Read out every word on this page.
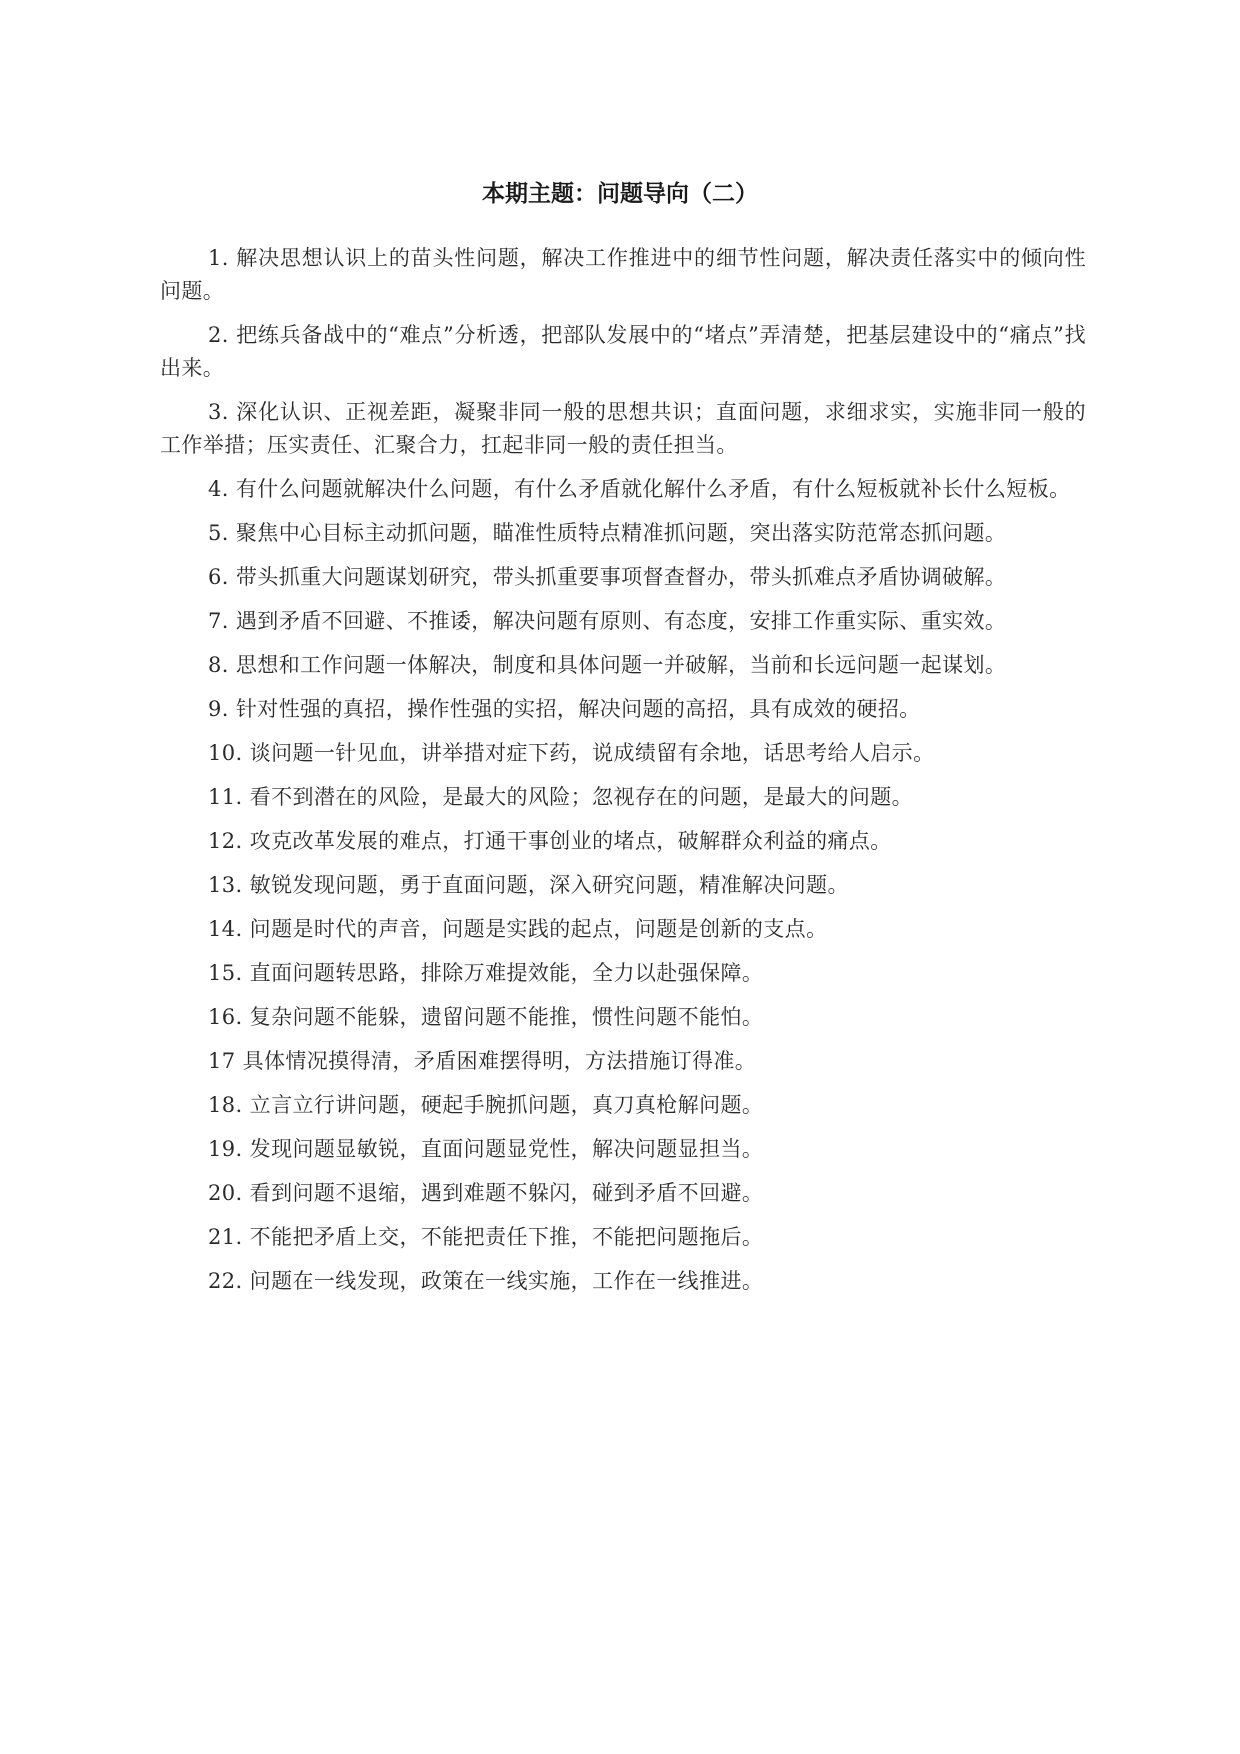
本期主题：问题导向（二）

1. 解决思想认识上的苗头性问题，解决工作推进中的细节性问题，解决责任落实中的倾向性问题。

2. 把练兵备战中的“难点”分析透，把部队发展中的“堵点”弄清楚，把基层建设中的“痛点”找出来。

3. 深化认识、正视差距，凝聚非同一般的思想共识；直面问题，求细求实，实施非同一般的工作举措；压实责任、汇聚合力，扛起非同一般的责任担当。

4. 有什么问题就解决什么问题，有什么矛盾就化解什么矛盾，有什么短板就补长什么短板。

5. 聚焦中心目标主动抓问题，瞄准性质特点精准抓问题，突出落实防范常态抓问题。

6. 带头抓重大问题谋划研究，带头抓重要事项督查督办，带头抓难点矛盾协调破解。

7. 遇到矛盾不回避、不推诿，解决问题有原则、有态度，安排工作重实际、重实效。

8. 思想和工作问题一体解决，制度和具体问题一并破解，当前和长远问题一起谋划。

9. 针对性强的真招，操作性强的实招，解决问题的高招，具有成效的硬招。

10. 谈问题一针见血，讲举措对症下药，说成绩留有余地，话思考给人启示。

11. 看不到潜在的风险，是最大的风险；忽视存在的问题，是最大的问题。

12. 攻克改革发展的难点，打通干事创业的堵点，破解群众利益的痛点。

13. 敏锐发现问题，勇于直面问题，深入研究问题，精准解决问题。

14. 问题是时代的声音，问题是实践的起点，问题是创新的支点。

15. 直面问题转思路，排除万难提效能，全力以赴强保障。

16. 复杂问题不能躲，遗留问题不能推，惯性问题不能怕。

17 具体情况摸得清，矛盾困难摆得明，方法措施订得准。

18. 立言立行讲问题，硬起手腕抓问题，真刀真枪解问题。

19. 发现问题显敏锐，直面问题显党性，解决问题显担当。

20. 看到问题不退缩，遇到难题不躲闪，碰到矛盾不回避。

21. 不能把矛盾上交，不能把责任下推，不能把问题拖后。

22. 问题在一线发现，政策在一线实施，工作在一线推进。
